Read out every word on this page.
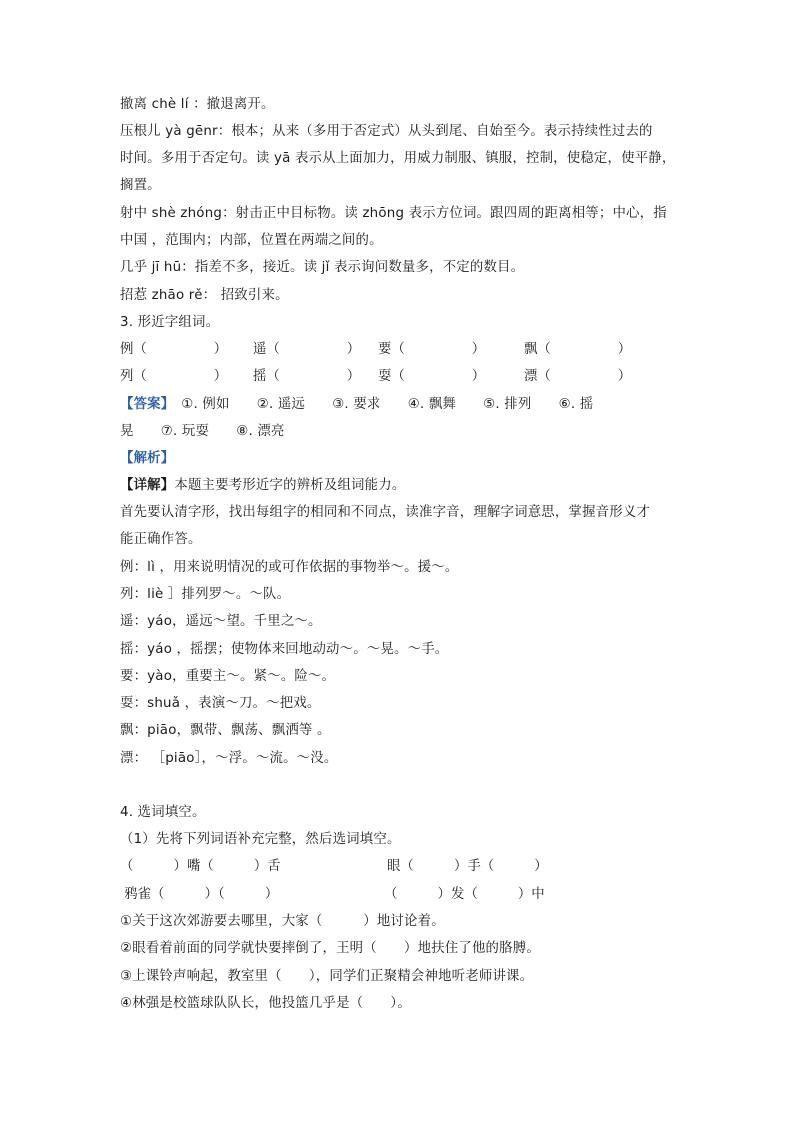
撤离 chè lí ：撤退离开。
压根儿 yà gēnr：根本；从来（多用于否定式）从头到尾、自始至今。表示持续性过去的
时间。多用于否定句。读 yā 表示从上面加力，用威力制服、镇服，控制，使稳定，使平静，
搁置。
射中 shè zhóng：射击正中目标物。读 zhōng 表示方位词。跟四周的距离相等；中心，指
中国 ，范围内；内部，位置在两端之间的。
几乎 jī hū：指差不多，接近。读 jǐ 表示询问数量多，不定的数目。
招惹 zhāo rě： 招致引来。
3. 形近字组词。
例（　　　　　） 遥（　　　　　） 要（　　　　　）	飘（　　　　　）
列（　　　　　） 摇（　　　　　） 耍（　　　　　）	漂（　　　　　）
【答案】　①. 例如　　②. 遥远　　③. 要求　　④. 飘舞　　⑤. 排列　　⑥. 摇
晃　　⑦. 玩耍　　⑧. 漂亮
【解析】
【详解】本题主要考形近字的辨析及组词能力。
首先要认清字形，找出每组字的相同和不同点，读准字音，理解字词意思，掌握音形义才
能正确作答。
例：lì ，用来说明情况的或可作依据的事物举～。援～。
列：liè ］排列罗～。～队。
遥：yáo，遥远～望。千里之～。
摇：yáo ，摇摆；使物体来回地动动～。～晃。～手。
要：yào，重要主～。紧～。险～。
耍：shuǎ ，表演～刀。～把戏。
飘：piāo，飘带、飘荡、飘洒等 。
漂： ［piāo］，～浮。～流。～没。
4. 选词填空。
（1）先将下列词语补充完整，然后选词填空。
（　　　）嘴（　　　）舌	眼（　　　）手（　　　）
鸦雀（　　　）（　　　）	（　　　）发（　　　）中
①关于这次郊游要去哪里，大家（　　　）地讨论着。
②眼看着前面的同学就快要摔倒了，王明（　　）地扶住了他的胳膊。
③上课铃声响起，教室里（　　），同学们正聚精会神地听老师讲课。
④林强是校篮球队队长，他投篮几乎是（　　）。
